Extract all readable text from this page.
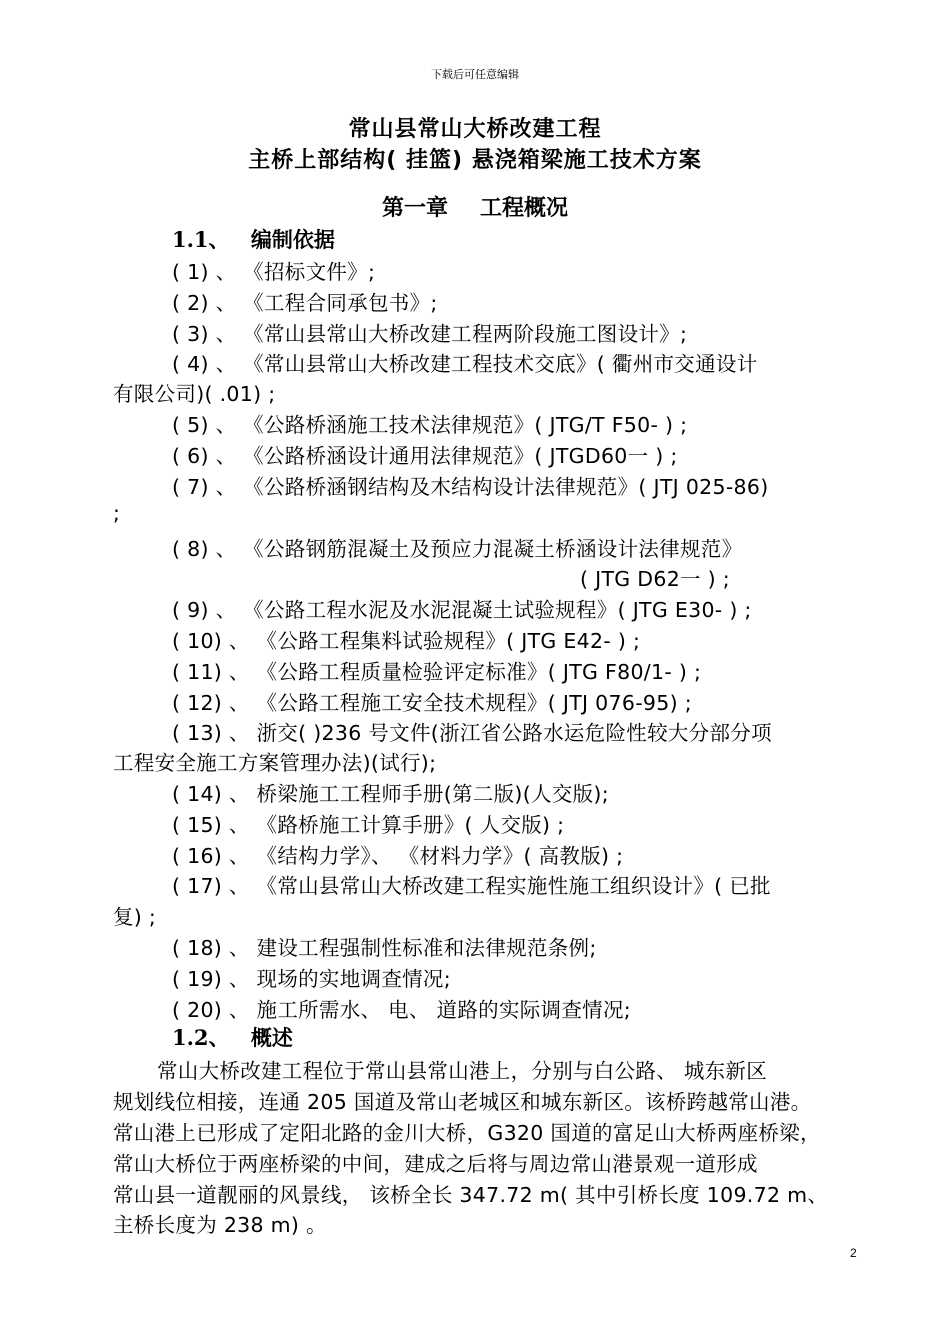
下载后可任意编辑
常山县常山大桥改建工程
主桥上部结构( 挂篮) 悬浇箱梁施工技术方案
第一章 工程概况
1.1、 编制依据
( 1) 、 《招标文件》;
( 2) 、 《工程合同承包书》;
( 3) 、 《常山县常山大桥改建工程两阶段施工图设计》;
( 4) 、 《常山县常山大桥改建工程技术交底》( 衢州市交通设计
有限公司)( .01) ;
( 5) 、 《公路桥涵施工技术法律规范》( JTG/T F50- ) ;
( 6) 、 《公路桥涵设计通用法律规范》( JTGD60一 ) ;
( 7) 、 《公路桥涵钢结构及木结构设计法律规范》( JTJ 025-86)
;
( 8) 、 《公路钢筋混凝土及预应力混凝土桥涵设计法律规范》
( JTG D62一 ) ;
( 9) 、 《公路工程水泥及水泥混凝土试验规程》( JTG E30- ) ;
( 10) 、 《公路工程集料试验规程》( JTG E42- ) ;
( 11) 、 《公路工程质量检验评定标准》( JTG F80/1- ) ;
( 12) 、 《公路工程施工安全技术规程》( JTJ 076-95) ;
( 13) 、 浙交( )236 号文件(浙江省公路水运危险性较大分部分项
工程安全施工方案管理办法)(试行);
( 14) 、 桥梁施工工程师手册(第二版)(人交版);
( 15) 、 《路桥施工计算手册》( 人交版) ;
( 16) 、 《结构力学》、 《材料力学》( 高教版) ;
( 17) 、 《常山县常山大桥改建工程实施性施工组织设计》( 已批
复) ;
( 18) 、 建设工程强制性标准和法律规范条例;
( 19) 、 现场的实地调查情况;
( 20) 、 施工所需水、 电、 道路的实际调查情况;
1.2、 概述
常山大桥改建工程位于常山县常山港上，分别与白公路、 城东新区
规划线位相接，连通 205 国道及常山老城区和城东新区。该桥跨越常山港。
常山港上已形成了定阳北路的金川大桥，G320 国道的富足山大桥两座桥梁，
常山大桥位于两座桥梁的中间，建成之后将与周边常山港景观一道形成
常山县一道靓丽的风景线， 该桥全长 347.72 m( 其中引桥长度 109.72 m、
主桥长度为 238 m) 。
2
